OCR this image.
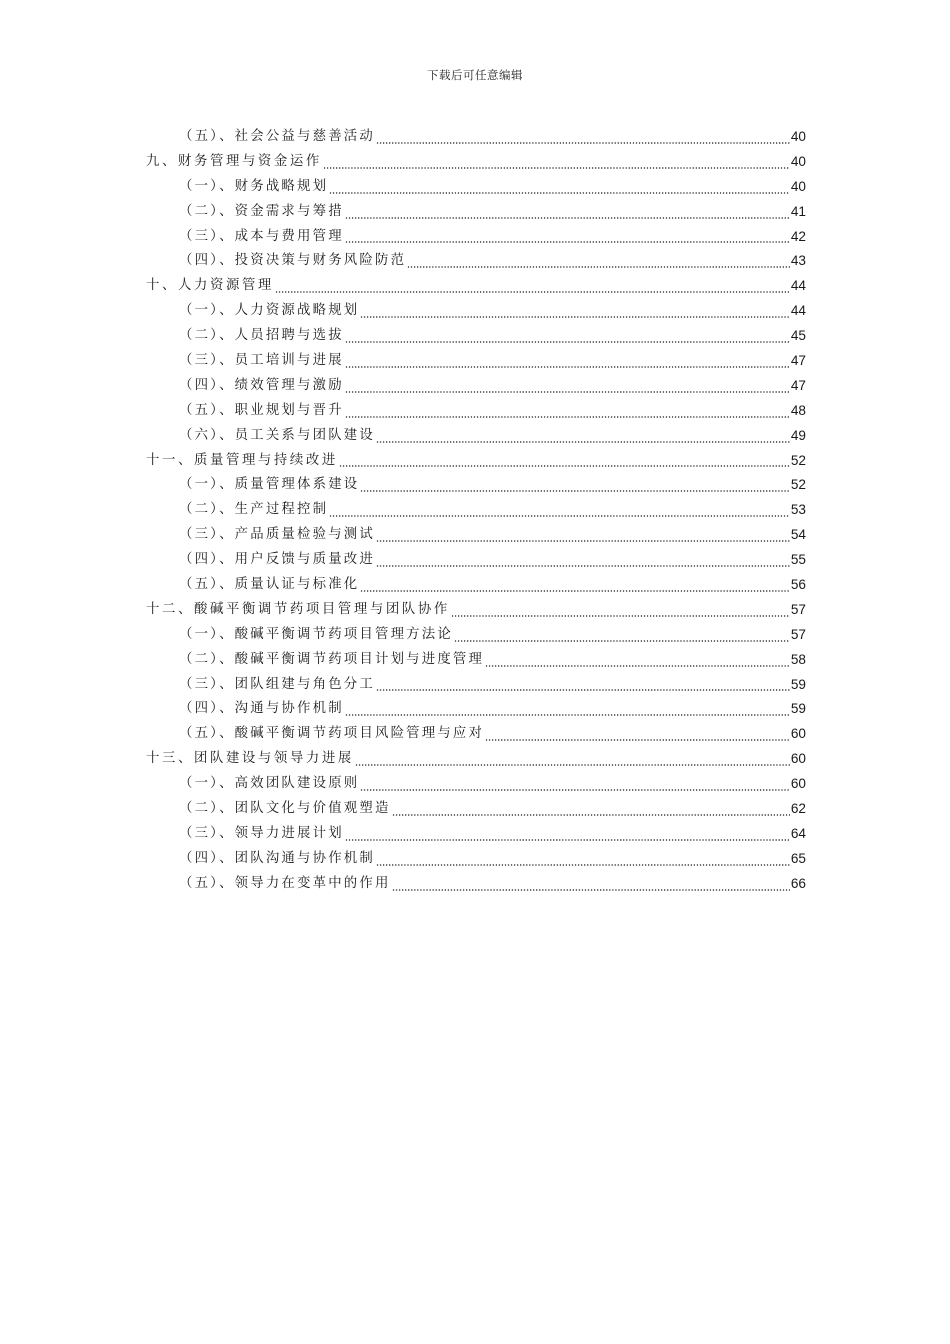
下载后可任意编辑
（五）、社会公益与慈善活动	40
九、财务管理与资金运作	40
（一）、财务战略规划	40
（二）、资金需求与筹措	41
（三）、成本与费用管理	42
（四）、投资决策与财务风险防范	43
十、人力资源管理	44
（一）、人力资源战略规划	44
（二）、人员招聘与选拔	45
（三）、员工培训与进展	47
（四）、绩效管理与激励	47
（五）、职业规划与晋升	48
（六）、员工关系与团队建设	49
十一、质量管理与持续改进	52
（一）、质量管理体系建设	52
（二）、生产过程控制	53
（三）、产品质量检验与测试	54
（四）、用户反馈与质量改进	55
（五）、质量认证与标准化	56
十二、酸碱平衡调节药项目管理与团队协作	57
（一）、酸碱平衡调节药项目管理方法论	57
（二）、酸碱平衡调节药项目计划与进度管理	58
（三）、团队组建与角色分工	59
（四）、沟通与协作机制	59
（五）、酸碱平衡调节药项目风险管理与应对	60
十三、团队建设与领导力进展	60
（一）、高效团队建设原则	60
（二）、团队文化与价值观塑造	62
（三）、领导力进展计划	64
（四）、团队沟通与协作机制	65
（五）、领导力在变革中的作用	66
